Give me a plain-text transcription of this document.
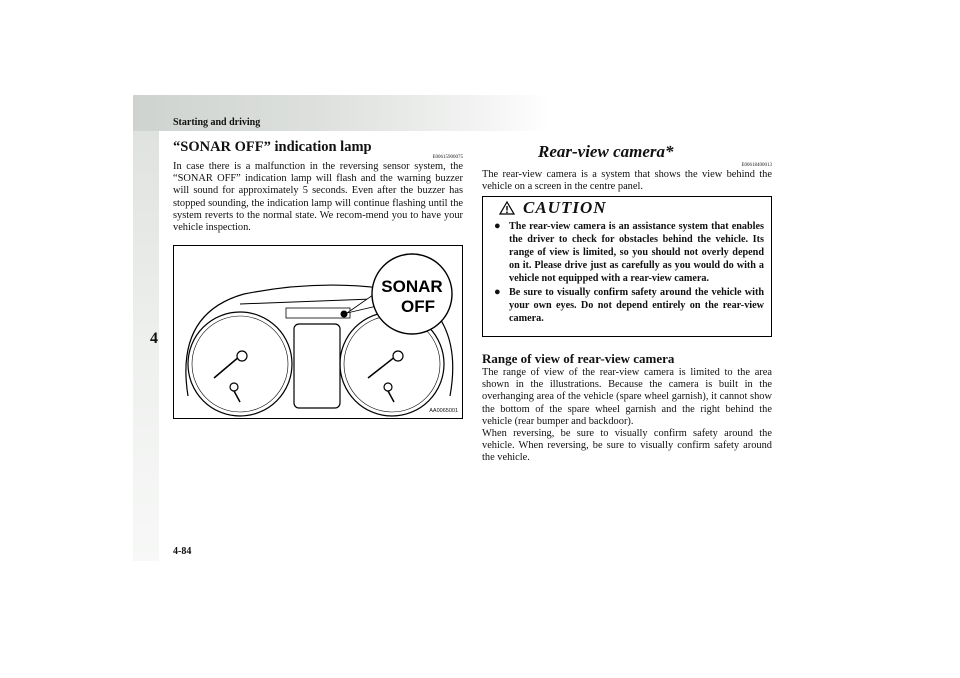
Starting and driving
4
“SONAR OFF” indication lamp
E00615900075

In case there is a malfunction in the reversing sensor system, the “SONAR OFF” indication lamp will flash and the warning buzzer will sound for approximately 5 seconds. Even after the buzzer has stopped sounding, the indication lamp will continue flashing until the system reverts to the normal state. We recom-mend you to have your vehicle inspection.

SONAR
OFF
AA0065001
Rear-view camera*
E00618400013

The rear-view camera is a system that shows the view behind the vehicle on a screen in the centre panel.

CAUTION
● The rear-view camera is an assistance system that enables the driver to check for obstacles behind the vehicle. Its range of view is limited, so you should not overly depend on it. Please drive just as carefully as you would do with a vehicle not equipped with a rear-view camera.
● Be sure to visually confirm safety around the vehicle with your own eyes. Do not depend entirely on the rear-view camera.
Range of view of rear-view camera

The range of view of the rear-view camera is limited to the area shown in the illustrations. Because the camera is built in the overhanging area of the vehicle (spare wheel garnish), it cannot show the bottom of the spare wheel garnish and the right behind the vehicle (rear bumper and backdoor).

When reversing, be sure to visually confirm safety around the vehicle. When reversing, be sure to visually confirm safety around the vehicle.

4-84
